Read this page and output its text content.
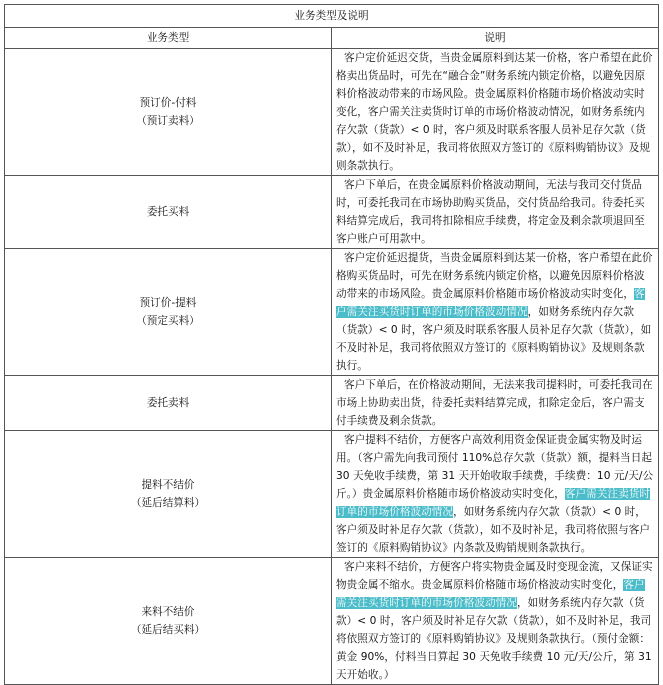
业务类型及说明	
业务类型	说明

预订价-付料
（预订卖料）	客户定价延迟交货，当贵金属原料到达某一价格，客户希望在此价格卖出货品时，可先在“融合金”财务系统内锁定价格，以避免因原料价格波动带来的市场风险。贵金属原料价格随市场价格波动实时变化，客户需关注卖货时订单的市场价格波动情况，如财务系统内存欠款（货款）< 0 时，客户须及时联系客服人员补足存欠款（货款），如不及时补足，我司将依照双方签订的《原料购销协议》及规则条款执行。

委托买料	客户下单后，在贵金属原料价格波动期间，无法与我司交付货品时，可委托我司在市场协助购买货品，交付货品给我司。待委托买料结算完成后，我司将扣除相应手续费，将定金及剩余款项退回至客户账户可用款中。

预订价-提料
（预定买料）	客户定价延迟提货，当贵金属原料到达某一价格，客户希望在此价格购买货品时，可先在财务系统内锁定价格，以避免因原料价格波动带来的市场风险。贵金属原料价格随市场价格波动实时变化，客户需关注买货时订单的市场价格波动情况，如财务系统内存欠款（货款）< 0 时，客户须及时联系客服人员补足存欠款（货款），如不及时补足，我司将依照双方签订的《原料购销协议》及规则条款执行。

委托卖料	客户下单后，在价格波动期间，无法来我司提料时，可委托我司在市场上协助卖出货，待委托卖料结算完成，扣除定金后，客户需支付手续费及剩余货款。

提料不结价
（延后结算料）	客户提料不结价，方便客户高效利用资金保证贵金属实物及时运用。（客户需先向我司预付 110%总存欠款（货款）额，提料当日起 30 天免收手续费，第 31 天开始收取手续费，手续费：10 元/天/公斤。）贵金属原料价格随市场价格波动实时变化，客户需关注卖货时订单的市场价格波动情况，如财务系统内存欠款（货款）< 0 时，客户须及时补足存欠款（货款），如不及时补足，我司将依照与客户签订的《原料购销协议》内条款及购销规则条款执行。

来料不结价
（延后结买料）	客户来料不结价，方便客户将实物贵金属及时变现金流，又保证实物贵金属不缩水。贵金属原料价格随市场价格波动实时变化，客户需关注买货时订单的市场价格波动情况，如财务系统内存欠款（货款）< 0 时，客户须及时补足存欠款（货款），如不及时补足，我司将依照双方签订的《原料购销协议》及规则条款执行。（预付金额：黄金 90%，付料当日算起 30 天免收手续费 10 元/天/公斤，第 31 天开始收。）
